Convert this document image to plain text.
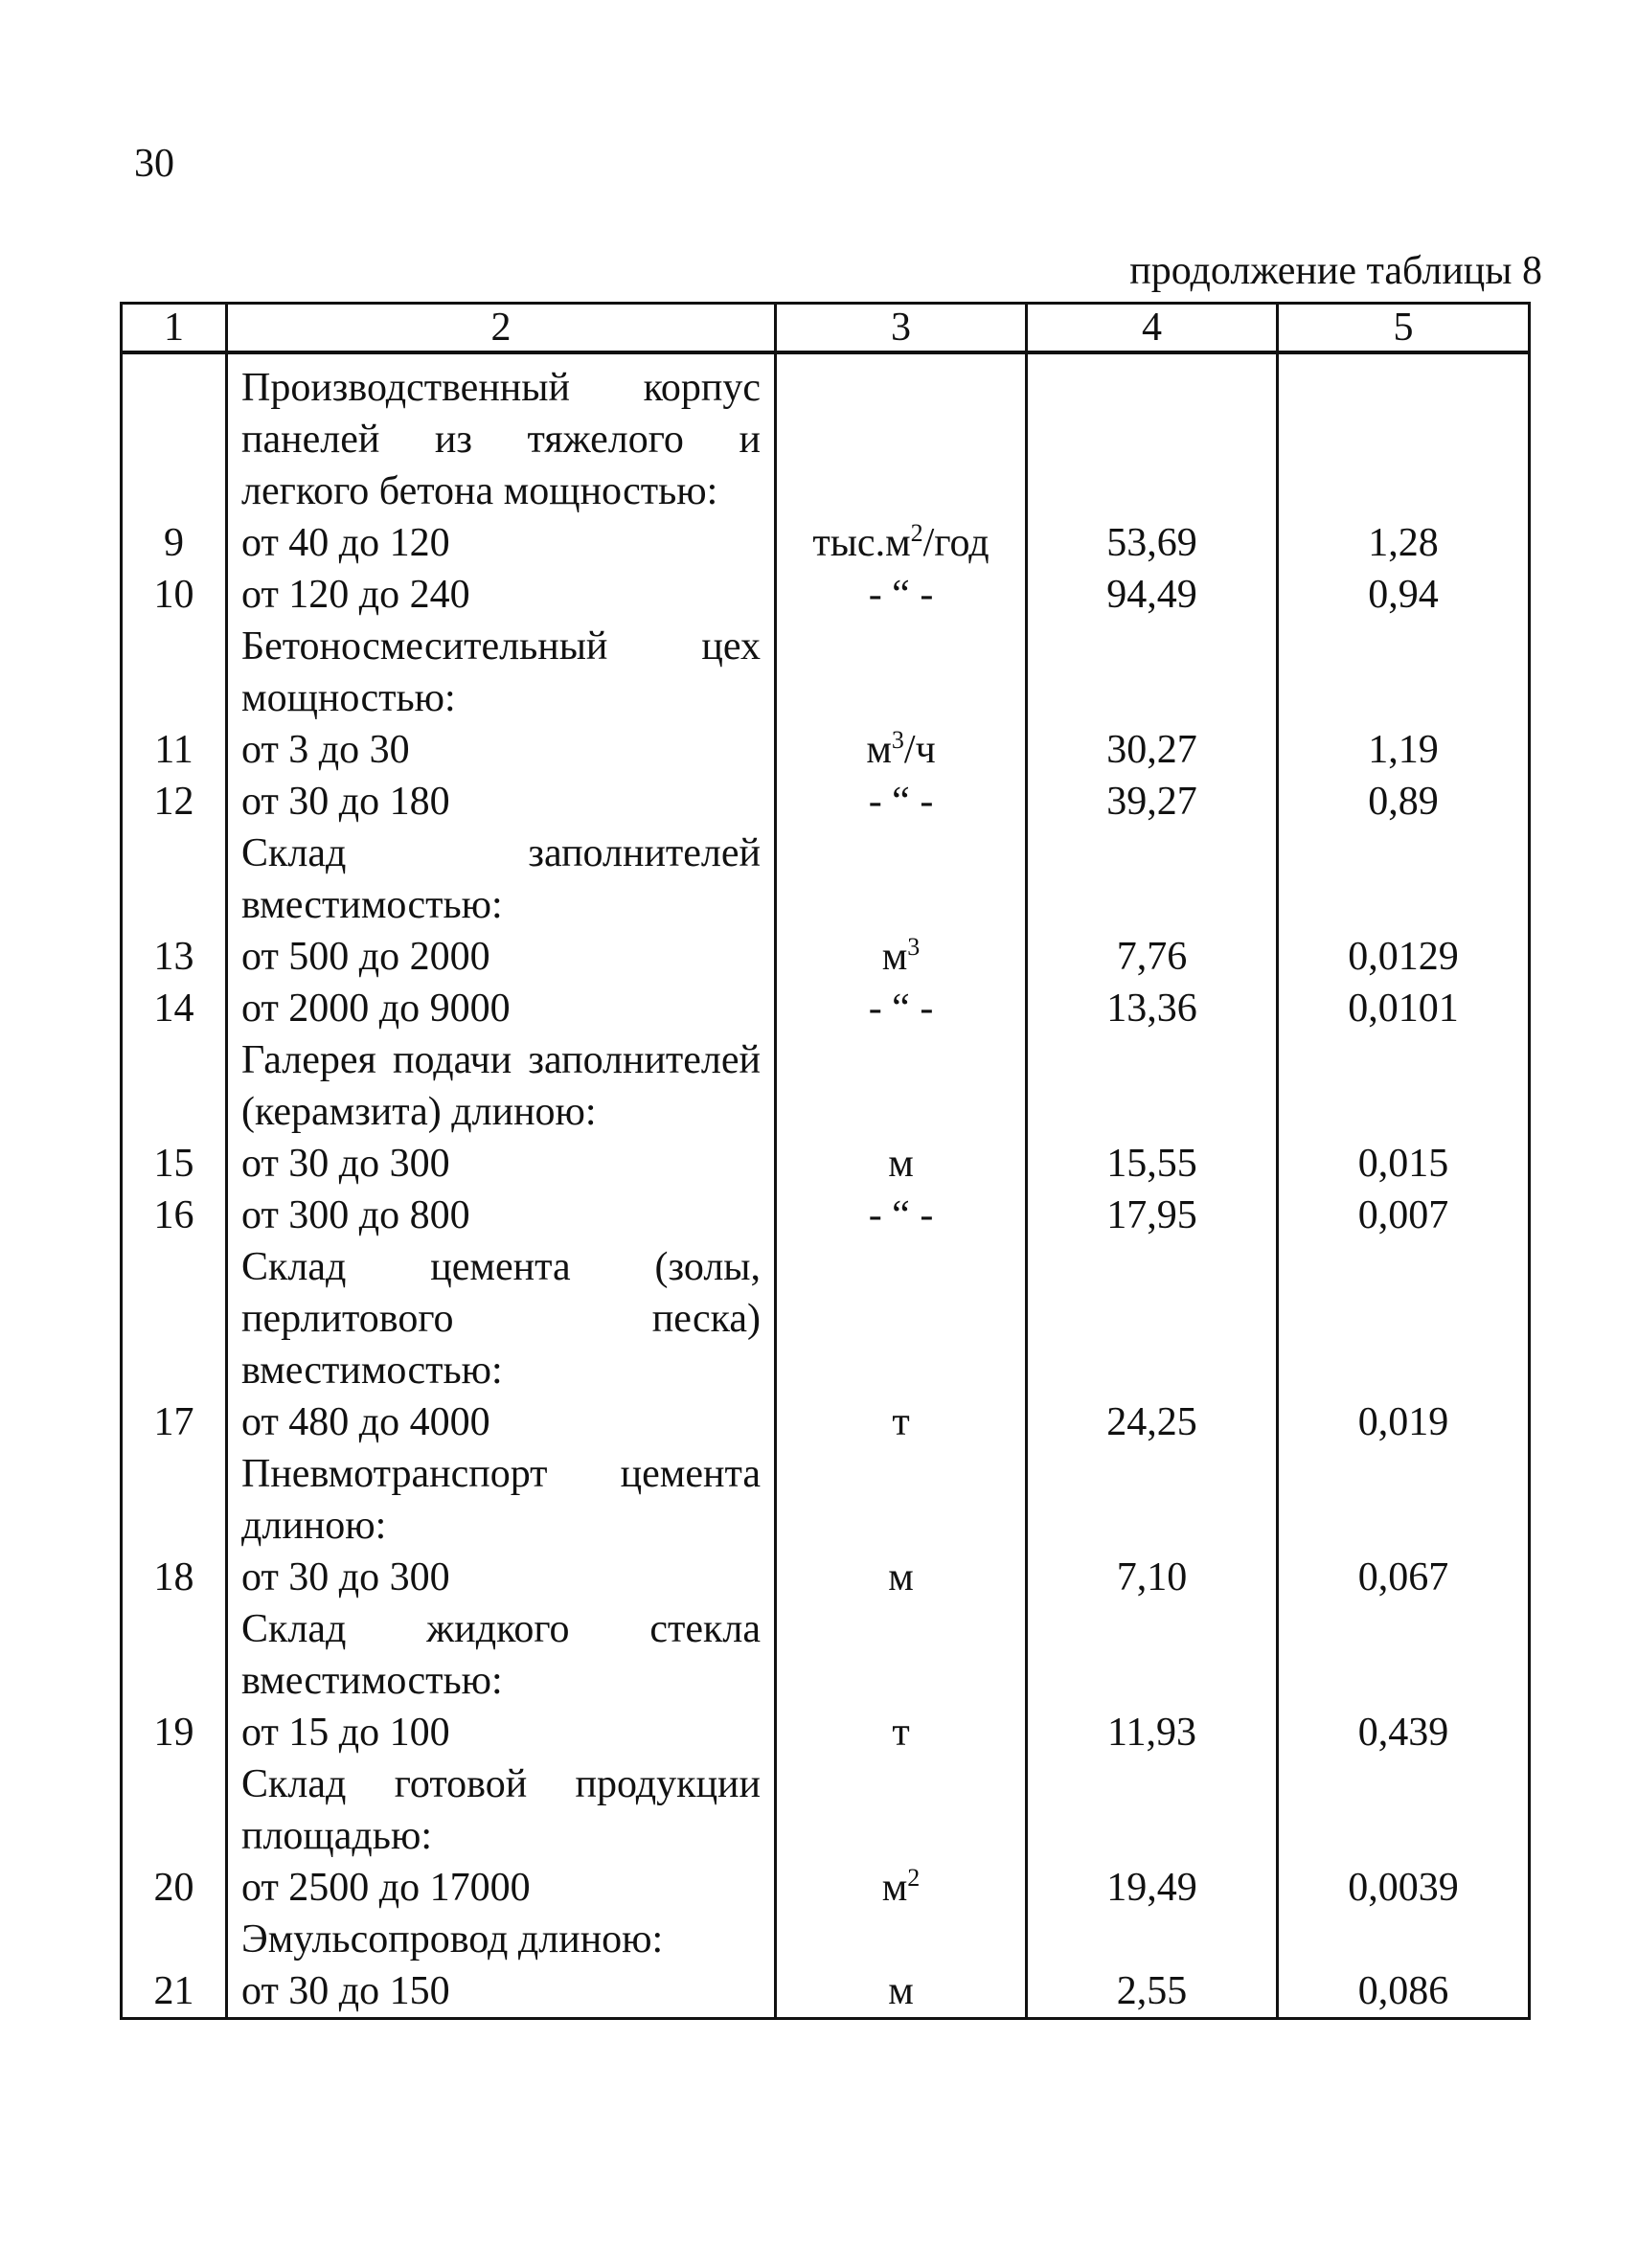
30
продолжение таблицы 8
1	2	3	4	5
	Производственный корпус панелей из тяжелого и легкого бетона мощностью:			
9	от 40 до 120	$тыс.м^2$/год	53,69	1,28
10	от 120 до 240	- “ -	94,49	0,94
	Бетоносмесительный цех мощностью:			
11	от 3 до 30	$м^3/ч$	30,27	1,19
12	от 30 до 180	- “ -	39,27	0,89
	Склад заполнителей вместимостью:			
13	от 500 до 2000	$м^3$	7,76	0,0129
14	от 2000 до 9000	- “ -	13,36	0,0101
	Галерея подачи заполнителей (керамзита) длиною:			
15	от 30 до 300	м	15,55	0,015
16	от 300 до 800	- “ -	17,95	0,007
	Склад цемента (золы, перлитового песка) вместимостью:			
17	от 480 до 4000	т	24,25	0,019
	Пневмотранспорт цемента длиною:			
18	от 30 до 300	м	7,10	0,067
	Склад жидкого стекла вместимостью:			
19	от 15 до 100	т	11,93	0,439
	Склад готовой продукции площадью:			
20	от 2500 до 17000	$м^2$	19,49	0,0039
	Эмульсопровод длиною:			
21	от 30 до 150	м	2,55	0,086
